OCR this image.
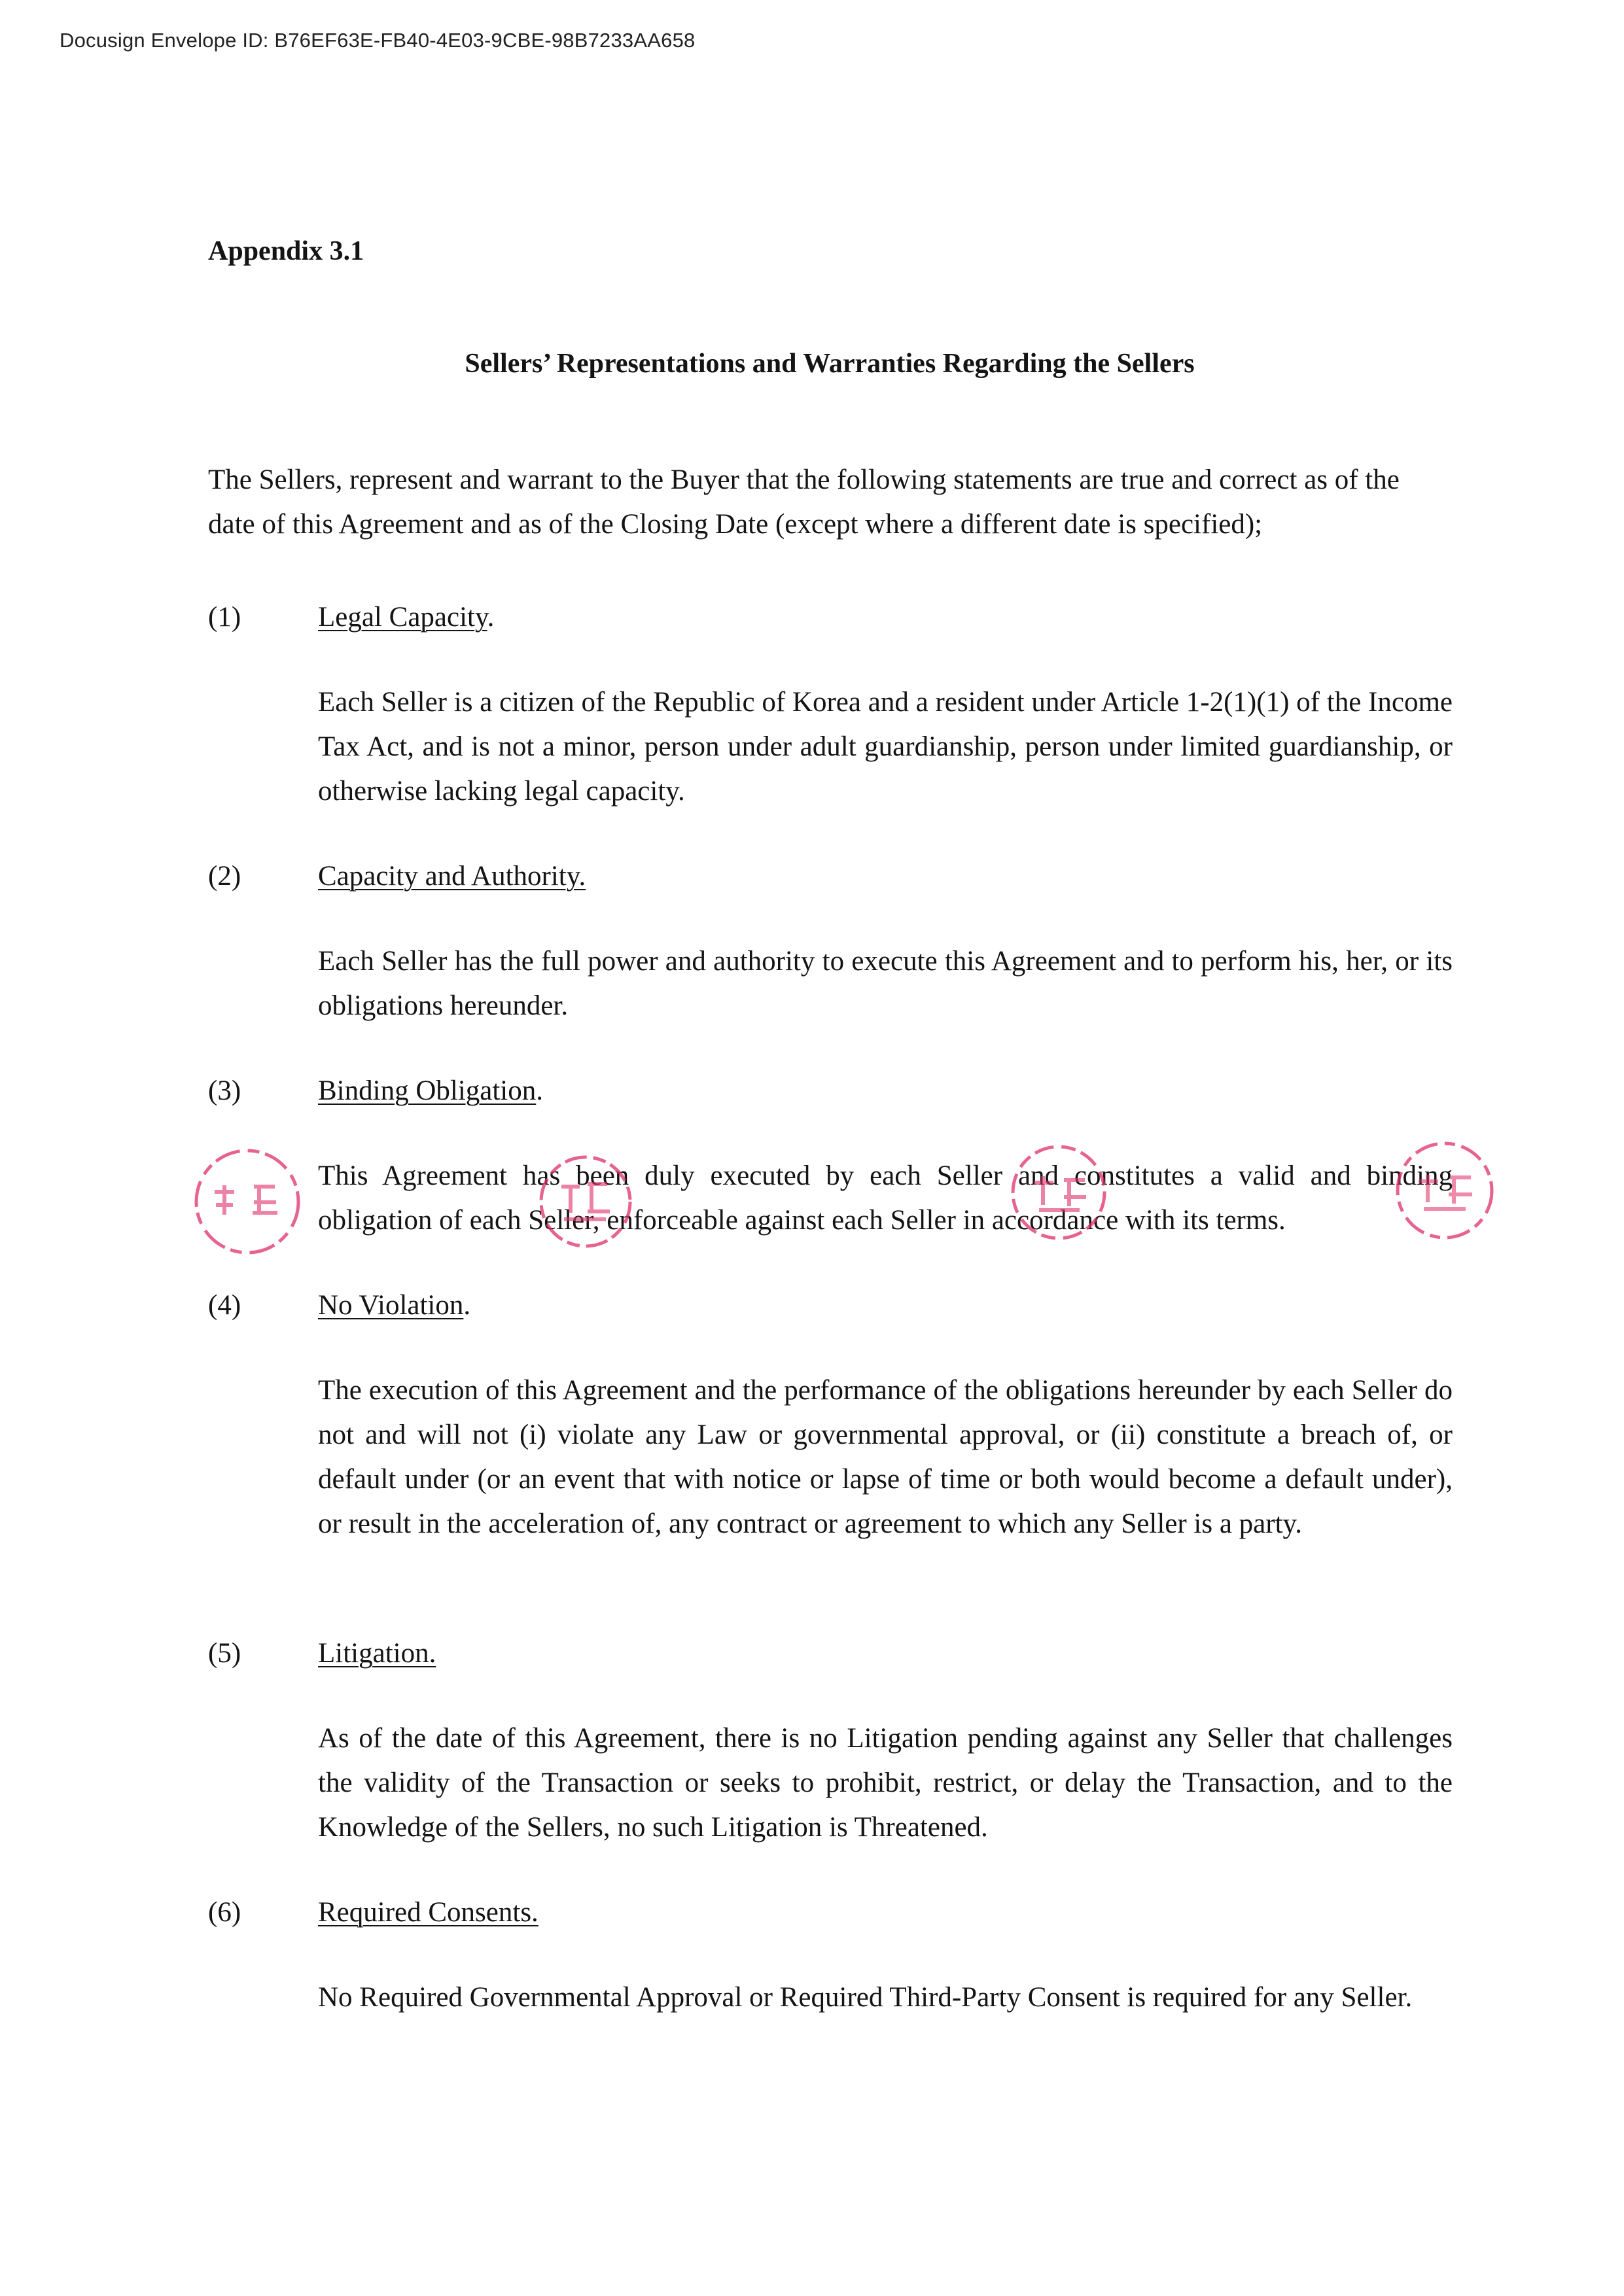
Docusign Envelope ID: B76EF63E-FB40-4E03-9CBE-98B7233AA658
Appendix 3.1
Sellers’ Representations and Warranties Regarding the Sellers

The Sellers, represent and warrant to the Buyer that the following statements are true and correct as of the date of this Agreement and as of the Closing Date (except where a different date is specified);

(1)	Legal Capacity.

Each Seller is a citizen of the Republic of Korea and a resident under Article 1-2(1)(1) of the Income Tax Act, and is not a minor, person under adult guardianship, person under limited guardianship, or otherwise lacking legal capacity.

(2)	Capacity and Authority.

Each Seller has the full power and authority to execute this Agreement and to perform his, her, or its obligations hereunder.

(3)	Binding Obligation.

This Agreement has been duly executed by each Seller and constitutes a valid and binding obligation of each Seller, enforceable against each Seller in accordance with its terms.

(4)	No Violation.

The execution of this Agreement and the performance of the obligations hereunder by each Seller do not and will not (i) violate any Law or governmental approval, or (ii) constitute a breach of, or default under (or an event that with notice or lapse of time or both would become a default under), or result in the acceleration of, any contract or agreement to which any Seller is a party.

(5)	Litigation.

As of the date of this Agreement, there is no Litigation pending against any Seller that challenges the validity of the Transaction or seeks to prohibit, restrict, or delay the Transaction, and to the Knowledge of the Sellers, no such Litigation is Threatened.

(6)	Required Consents.

No Required Governmental Approval or Required Third-Party Consent is required for any Seller.
